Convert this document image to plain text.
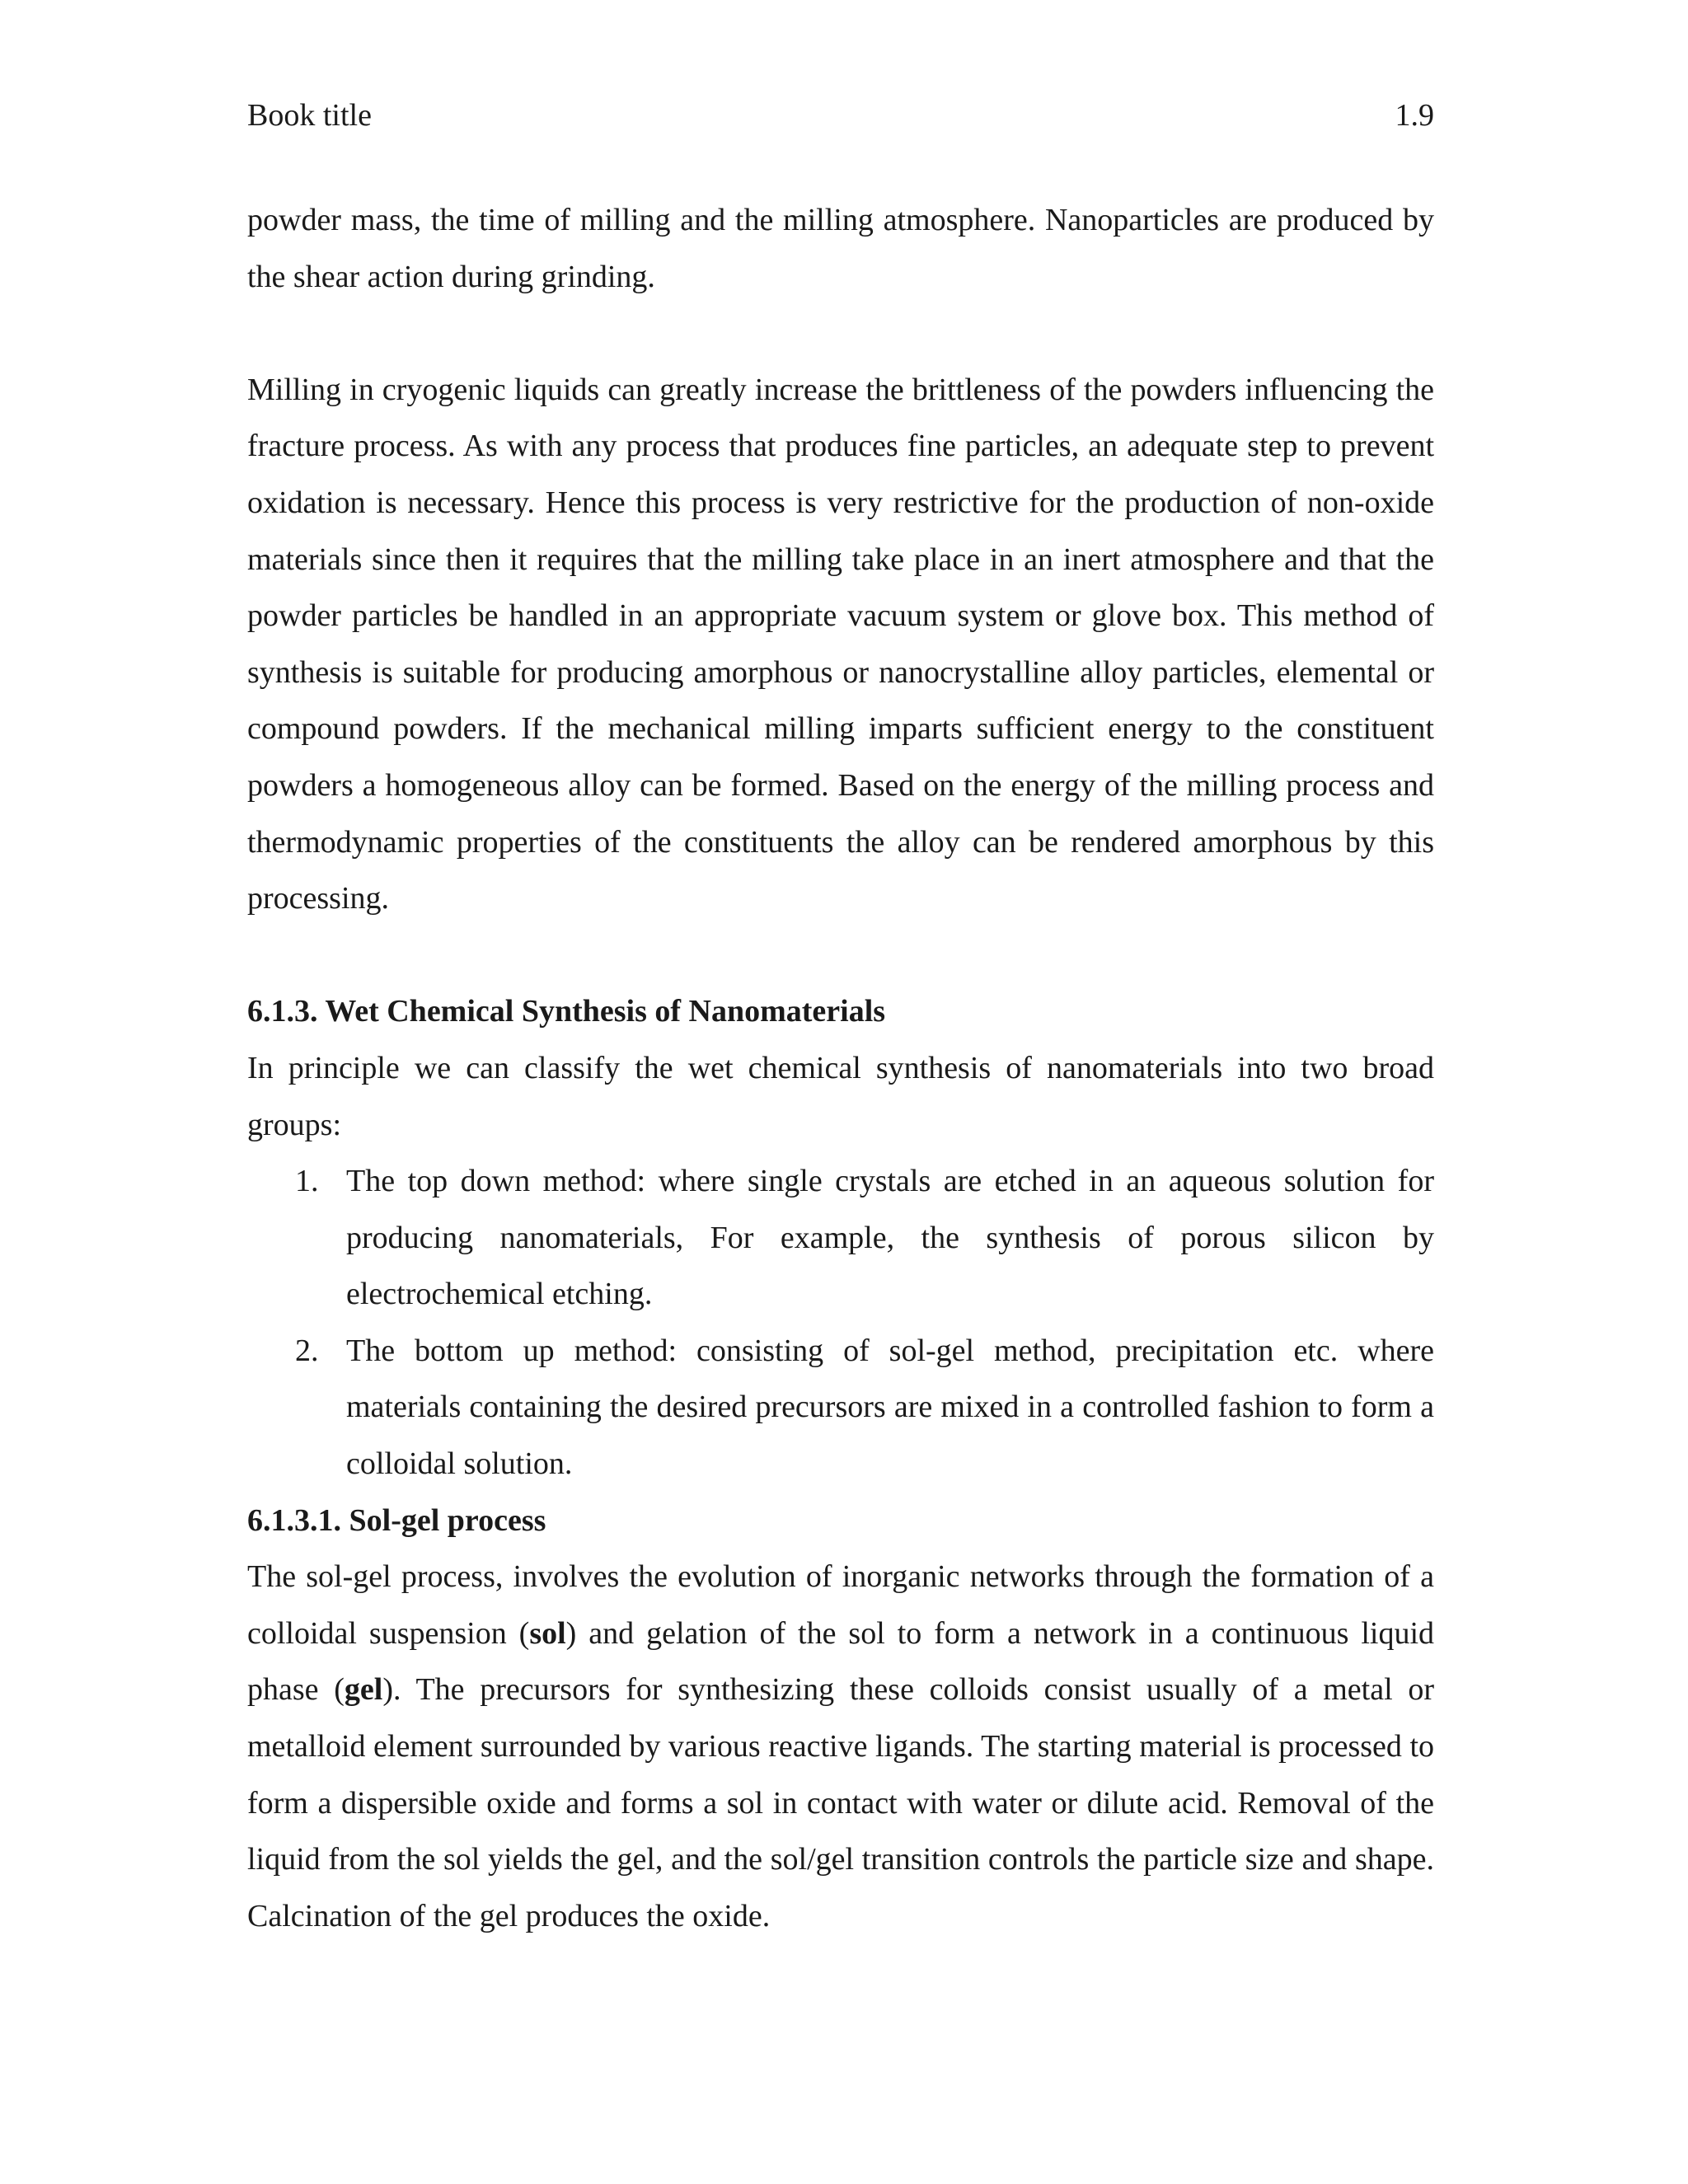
Book title	1.9

powder mass, the time of milling and the milling atmosphere. Nanoparticles are produced by the shear action during grinding.

Milling in cryogenic liquids can greatly increase the brittleness of the powders influencing the fracture process. As with any process that produces fine particles, an adequate step to prevent oxidation is necessary. Hence this process is very restrictive for the production of non-oxide materials since then it requires that the milling take place in an inert atmosphere and that the powder particles be handled in an appropriate vacuum system or glove box. This method of synthesis is suitable for producing amorphous or nanocrystalline alloy particles, elemental or compound powders. If the mechanical milling imparts sufficient energy to the constituent powders a homogeneous alloy can be formed. Based on the energy of the milling process and thermodynamic properties of the constituents the alloy can be rendered amorphous by this processing.

6.1.3. Wet Chemical Synthesis of Nanomaterials

In principle we can classify the wet chemical synthesis of nanomaterials into two broad groups:

1. The top down method: where single crystals are etched in an aqueous solution for producing nanomaterials, For example, the synthesis of porous silicon by electrochemical etching.
2. The bottom up method: consisting of sol-gel method, precipitation etc. where materials containing the desired precursors are mixed in a controlled fashion to form a colloidal solution.
6.1.3.1. Sol-gel process

The sol-gel process, involves the evolution of inorganic networks through the formation of a colloidal suspension (sol) and gelation of the sol to form a network in a continuous liquid phase (gel). The precursors for synthesizing these colloids consist usually of a metal or metalloid element surrounded by various reactive ligands. The starting material is processed to form a dispersible oxide and forms a sol in contact with water or dilute acid. Removal of the liquid from the sol yields the gel, and the sol/gel transition controls the particle size and shape. Calcination of the gel produces the oxide.
